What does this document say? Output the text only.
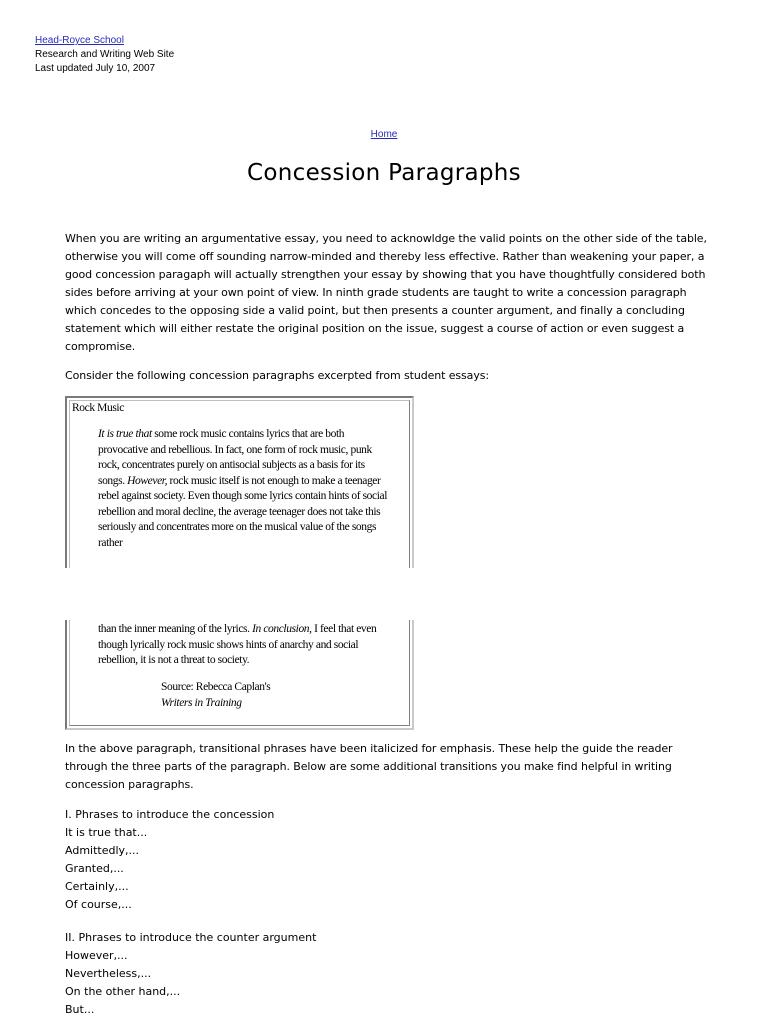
Head-Royce School
Research and Writing Web Site
Last updated July 10, 2007
Home
Concession Paragraphs

When you are writing an argumentative essay, you need to acknowldge the valid points on the other side of the table, otherwise you will come off sounding narrow-minded and thereby less effective. Rather than weakening your paper, a good concession paragaph will actually strengthen your essay by showing that you have thoughtfully considered both sides before arriving at your own point of view. In ninth grade students are taught to write a concession paragraph which concedes to the opposing side a valid point, but then presents a counter argument, and finally a concluding statement which will either restate the original position on the issue, suggest a course of action or even suggest a compromise.

Consider the following concession paragraphs excerpted from student essays:

Rock Music

It is true that some rock music contains lyrics that are both provocative and rebellious. In fact, one form of rock music, punk rock, concentrates purely on antisocial subjects as a basis for its songs. However, rock music itself is not enough to make a teenager rebel against society. Even though some lyrics contain hints of social rebellion and moral decline, the average teenager does not take this seriously and concentrates more on the musical value of the songs rather

than the inner meaning of the lyrics. In conclusion, I feel that even though lyrically rock music shows hints of anarchy and social rebellion, it is not a threat to society.

Source: Rebecca Caplan's
Writers in Training

In the above paragraph, transitional phrases have been italicized for emphasis. These help the guide the reader through the three parts of the paragraph. Below are some additional transitions you make find helpful in writing concession paragraphs.

I. Phrases to introduce the concession
It is true that...
Admittedly,...
Granted,...
Certainly,...
Of course,...
II. Phrases to introduce the counter argument
However,...
Nevertheless,...
On the other hand,...
But...
